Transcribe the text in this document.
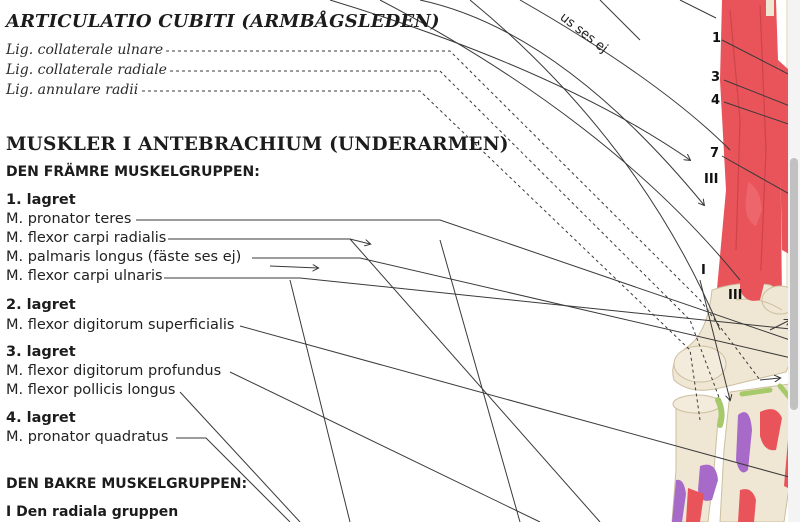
us ses ej	1
3
4
7
III
I
III
ARTICULATIO CUBITI (ARMBÅGSLEDEN)
Lig. collaterale ulnare
Lig. collaterale radiale
Lig. annulare radii
MUSKLER I ANTEBRACHIUM (UNDERARMEN)
DEN FRÄMRE MUSKELGRUPPEN:
1. lagret
M. pronator teres
M. flexor carpi radialis
M. palmaris longus (fäste ses ej)
M. flexor carpi ulnaris
2. lagret
M. flexor digitorum superficialis
3. lagret
M. flexor digitorum profundus
M. flexor pollicis longus
4. lagret
M. pronator quadratus
DEN BAKRE MUSKELGRUPPEN:
I Den radiala gruppen
